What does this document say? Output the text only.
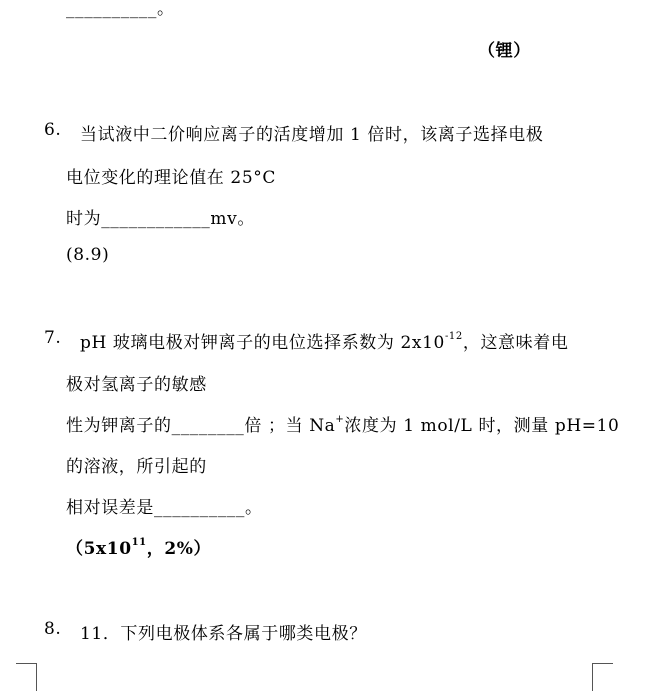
__________。
（锂）
6. 当试液中二价响应离子的活度增加 1 倍时，该离子选择电极
电位变化的理论值在 25°C
时为____________mv。
(8.9)
7. pH 玻璃电极对钾离子的电位选择系数为 $2x10^{-12}$，这意味着电
极对氢离子的敏感
性为钾离子的________倍 ；当 Na+浓度为 1 mol/L 时，测量 pH=10
的溶液，所引起的
相对误差是__________。
（$5x10^{11}$，2%）
8. 11．下列电极体系各属于哪类电极？
